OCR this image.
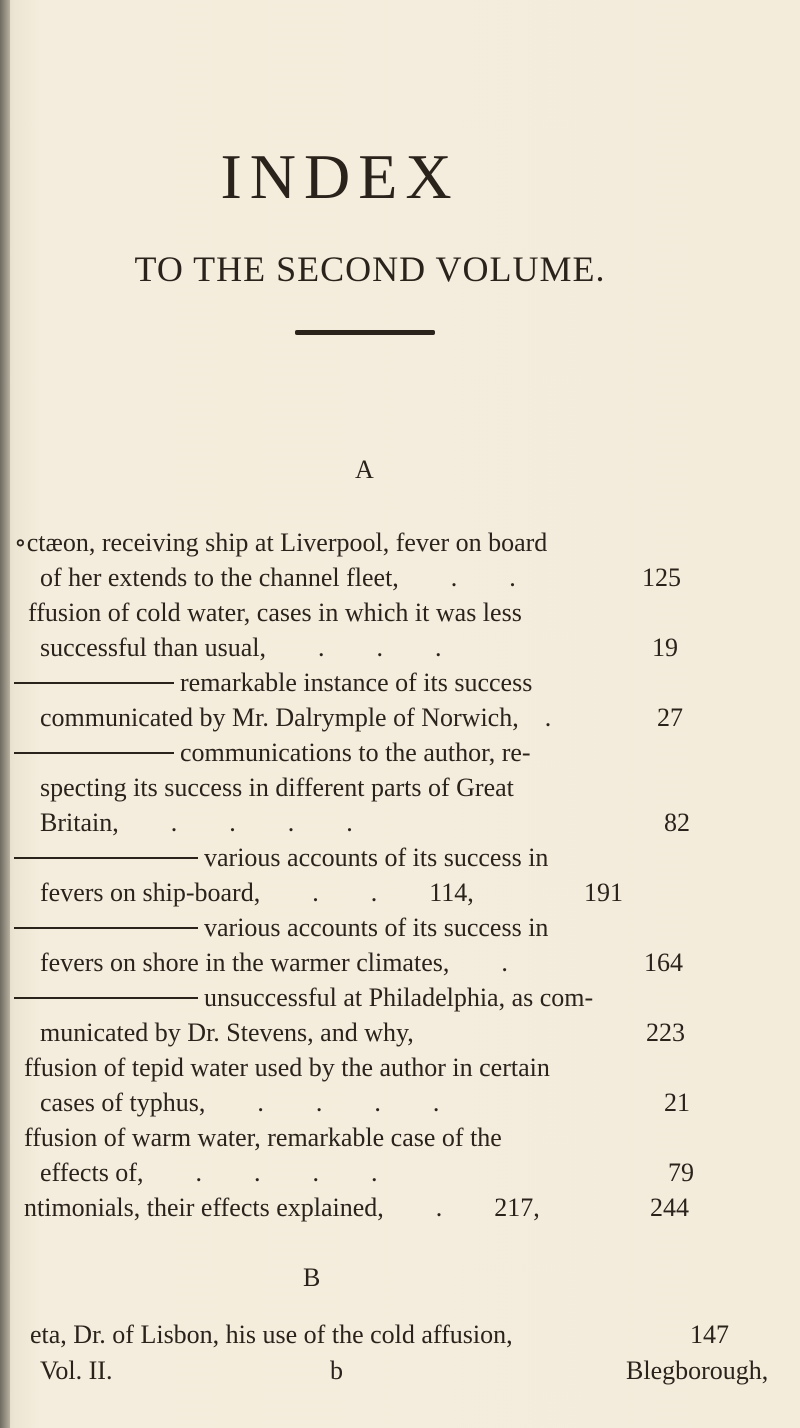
INDEX
TO THE SECOND VOLUME.
A
∘ctæon, receiving ship at Liverpool, fever on board
of her extends to the channel fleet,  .  .	125
ffusion of cold water, cases in which it was less
successful than usual,  .  .  .	19
remarkable instance of its success
communicated by Mr. Dalrymple of Norwich, .	27
communications to the author, re-
specting its success in different parts of Great
Britain,  .  .  .  .	82
various accounts of its success in
fevers on ship-board,  .  .  114,	191
various accounts of its success in
fevers on shore in the warmer climates,  .	164
unsuccessful at Philadelphia, as com-
municated by Dr. Stevens, and why,	223
ffusion of tepid water used by the author in certain
cases of typhus,  .  .  .  .	21
ffusion of warm water, remarkable case of the
effects of,  .  .  .  .	79
ntimonials, their effects explained,  .  217,	244
B
eta, Dr. of Lisbon, his use of the cold affusion,	147
Vol. II.	b	Blegborough,
